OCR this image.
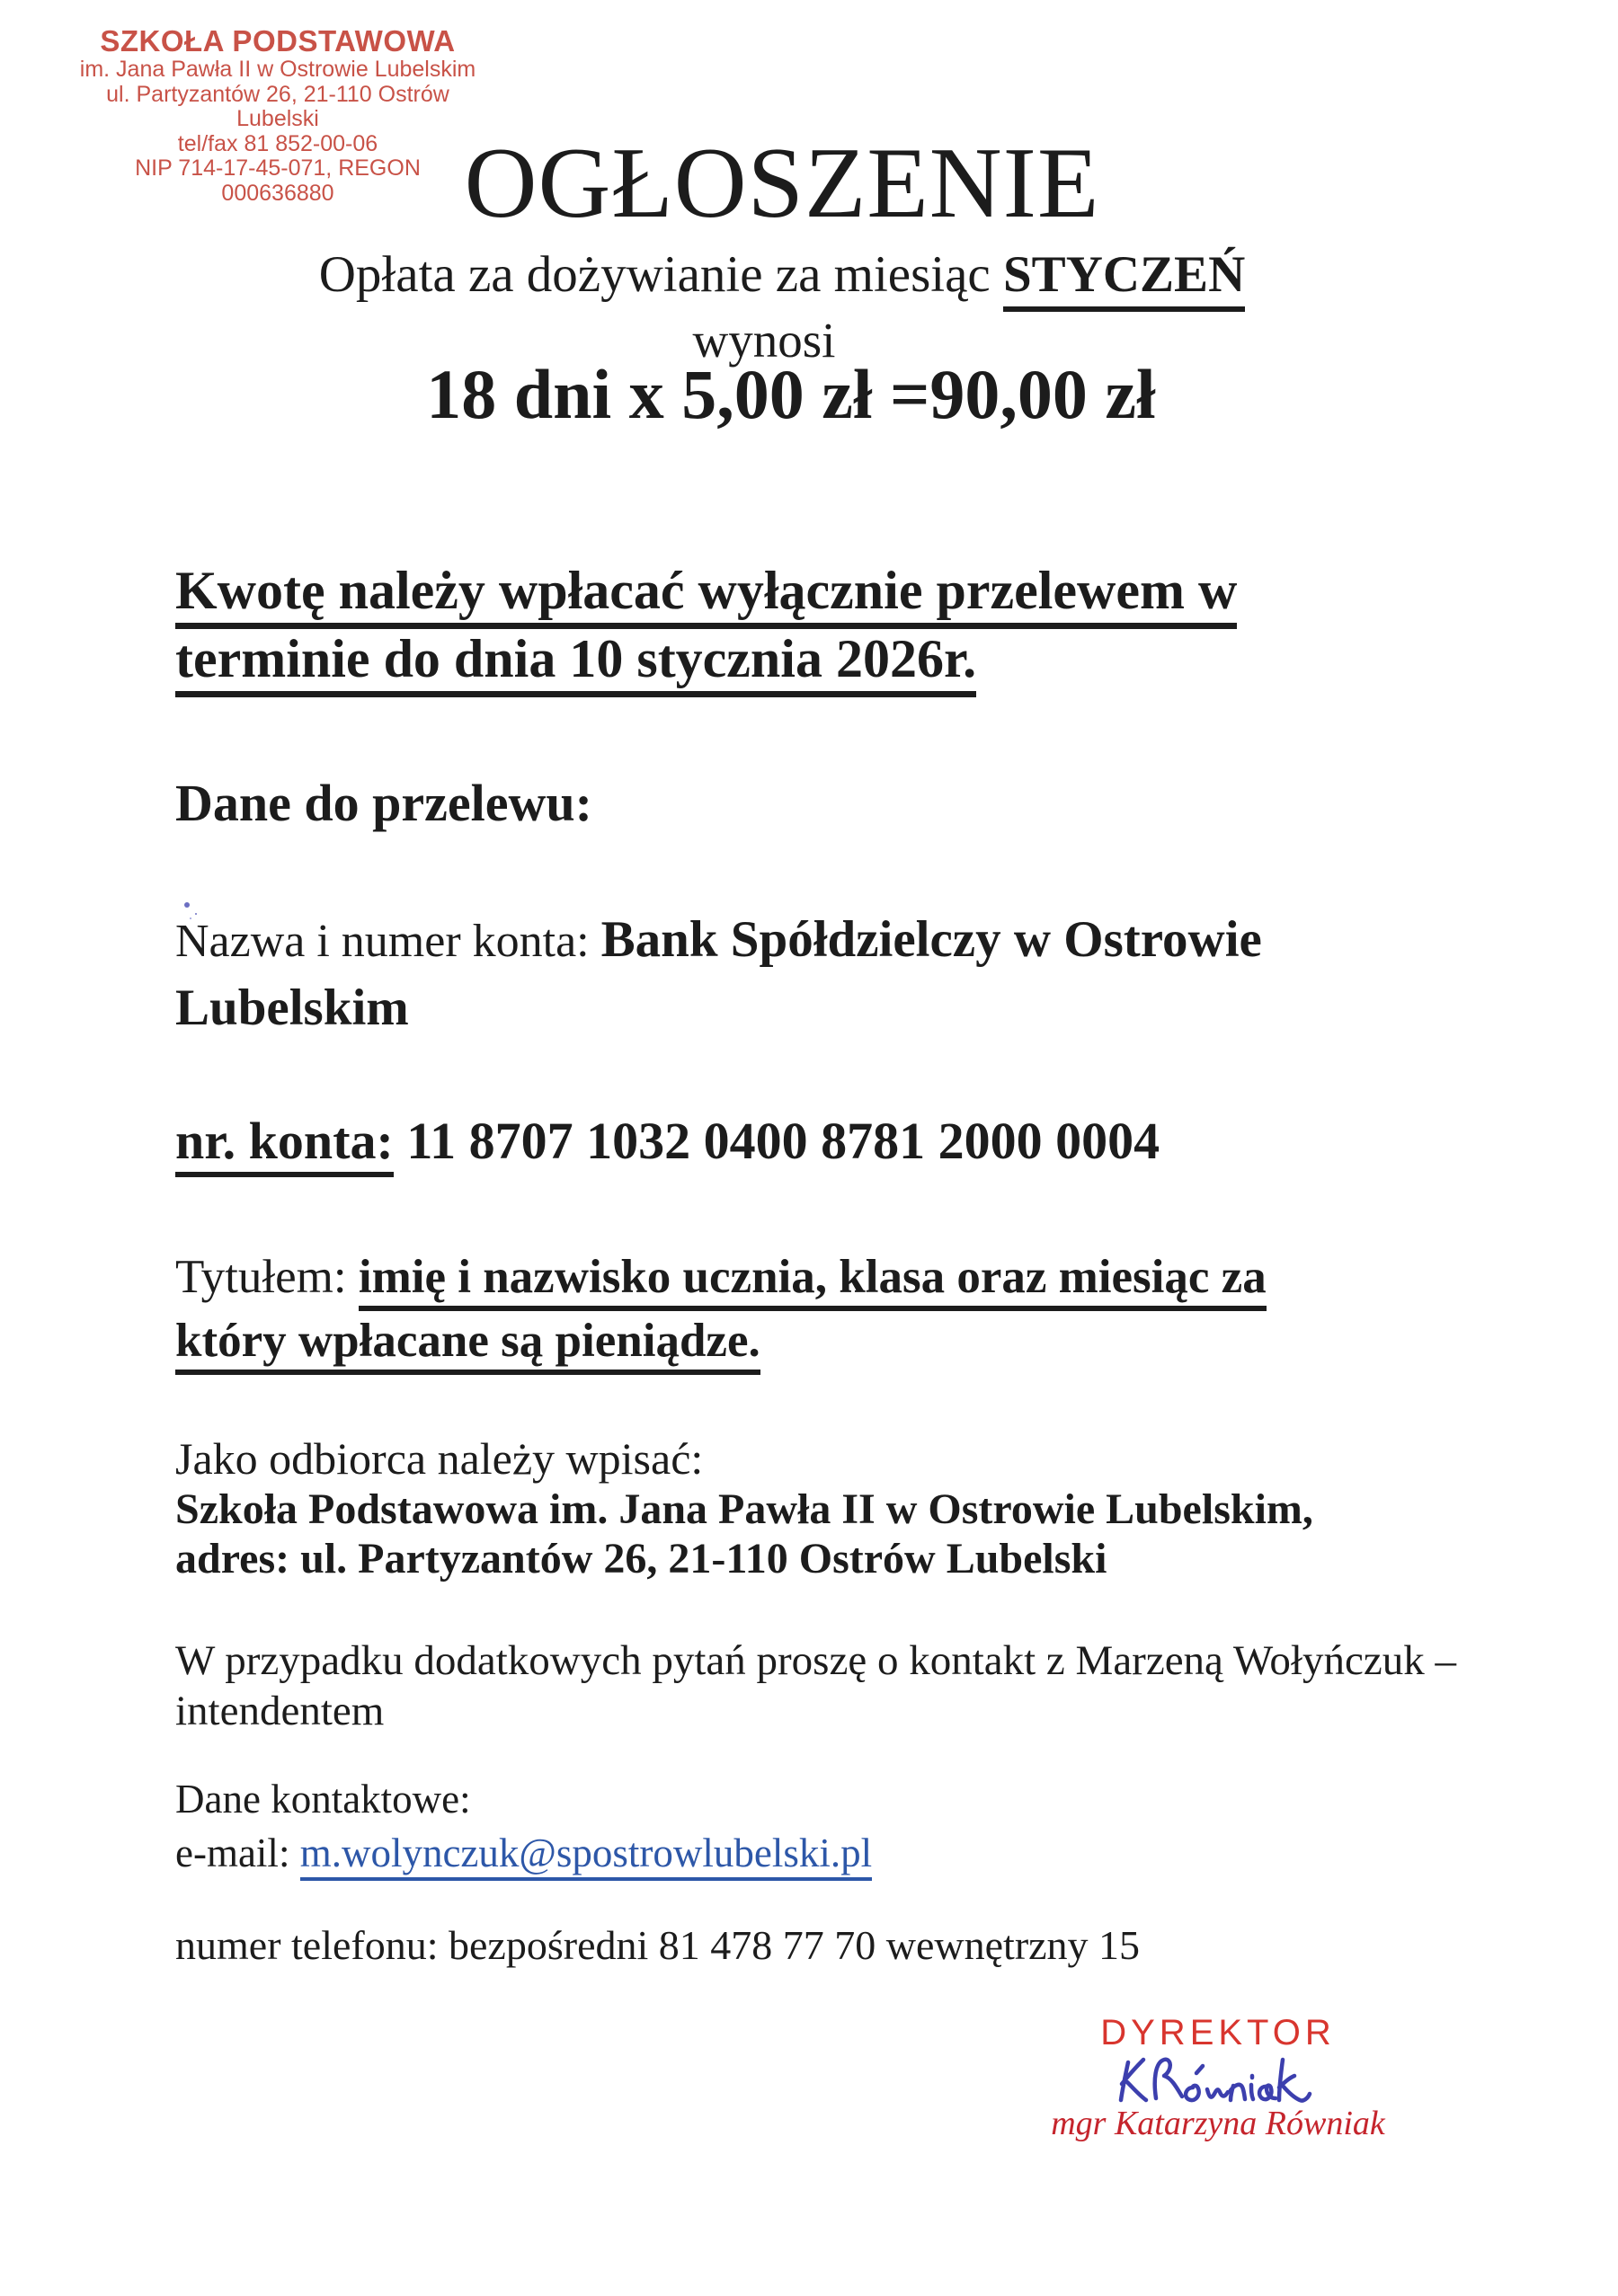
SZKOŁA PODSTAWOWA
im. Jana Pawła II w Ostrowie Lubelskim
ul. Partyzantów 26, 21-110 Ostrów Lubelski
tel/fax 81 852-00-06
NIP 714-17-45-071, REGON 000636880	OGŁOSZENIE

Opłata za dożywianie za miesiąc STYCZEŃ

wynosi

18 dni x 5,00 zł =90,00 zł

Kwotę należy wpłacać wyłącznie przelewem w
terminie do dnia 10 stycznia 2026r.

Dane do przelewu:

Nazwa i numer konta: Bank Spółdzielczy w Ostrowie
Lubelskim

nr. konta: 11 8707 1032 0400 8781 2000 0004

Tytułem: imię i nazwisko ucznia, klasa oraz miesiąc za
który wpłacane są pieniądze.

Jako odbiorca należy wpisać:

Szkoła Podstawowa im. Jana Pawła II w Ostrowie Lubelskim,
adres: ul. Partyzantów 26, 21-110 Ostrów Lubelski

W przypadku dodatkowych pytań proszę o kontakt z Marzeną Wołyńczuk –
intendentem

Dane kontaktowe:

e-mail: m.wolynczuk@spostrowlubelski.pl

numer telefonu: bezpośredni 81 478 77 70 wewnętrzny 15

DYREKTOR
mgr Katarzyna Równiak
